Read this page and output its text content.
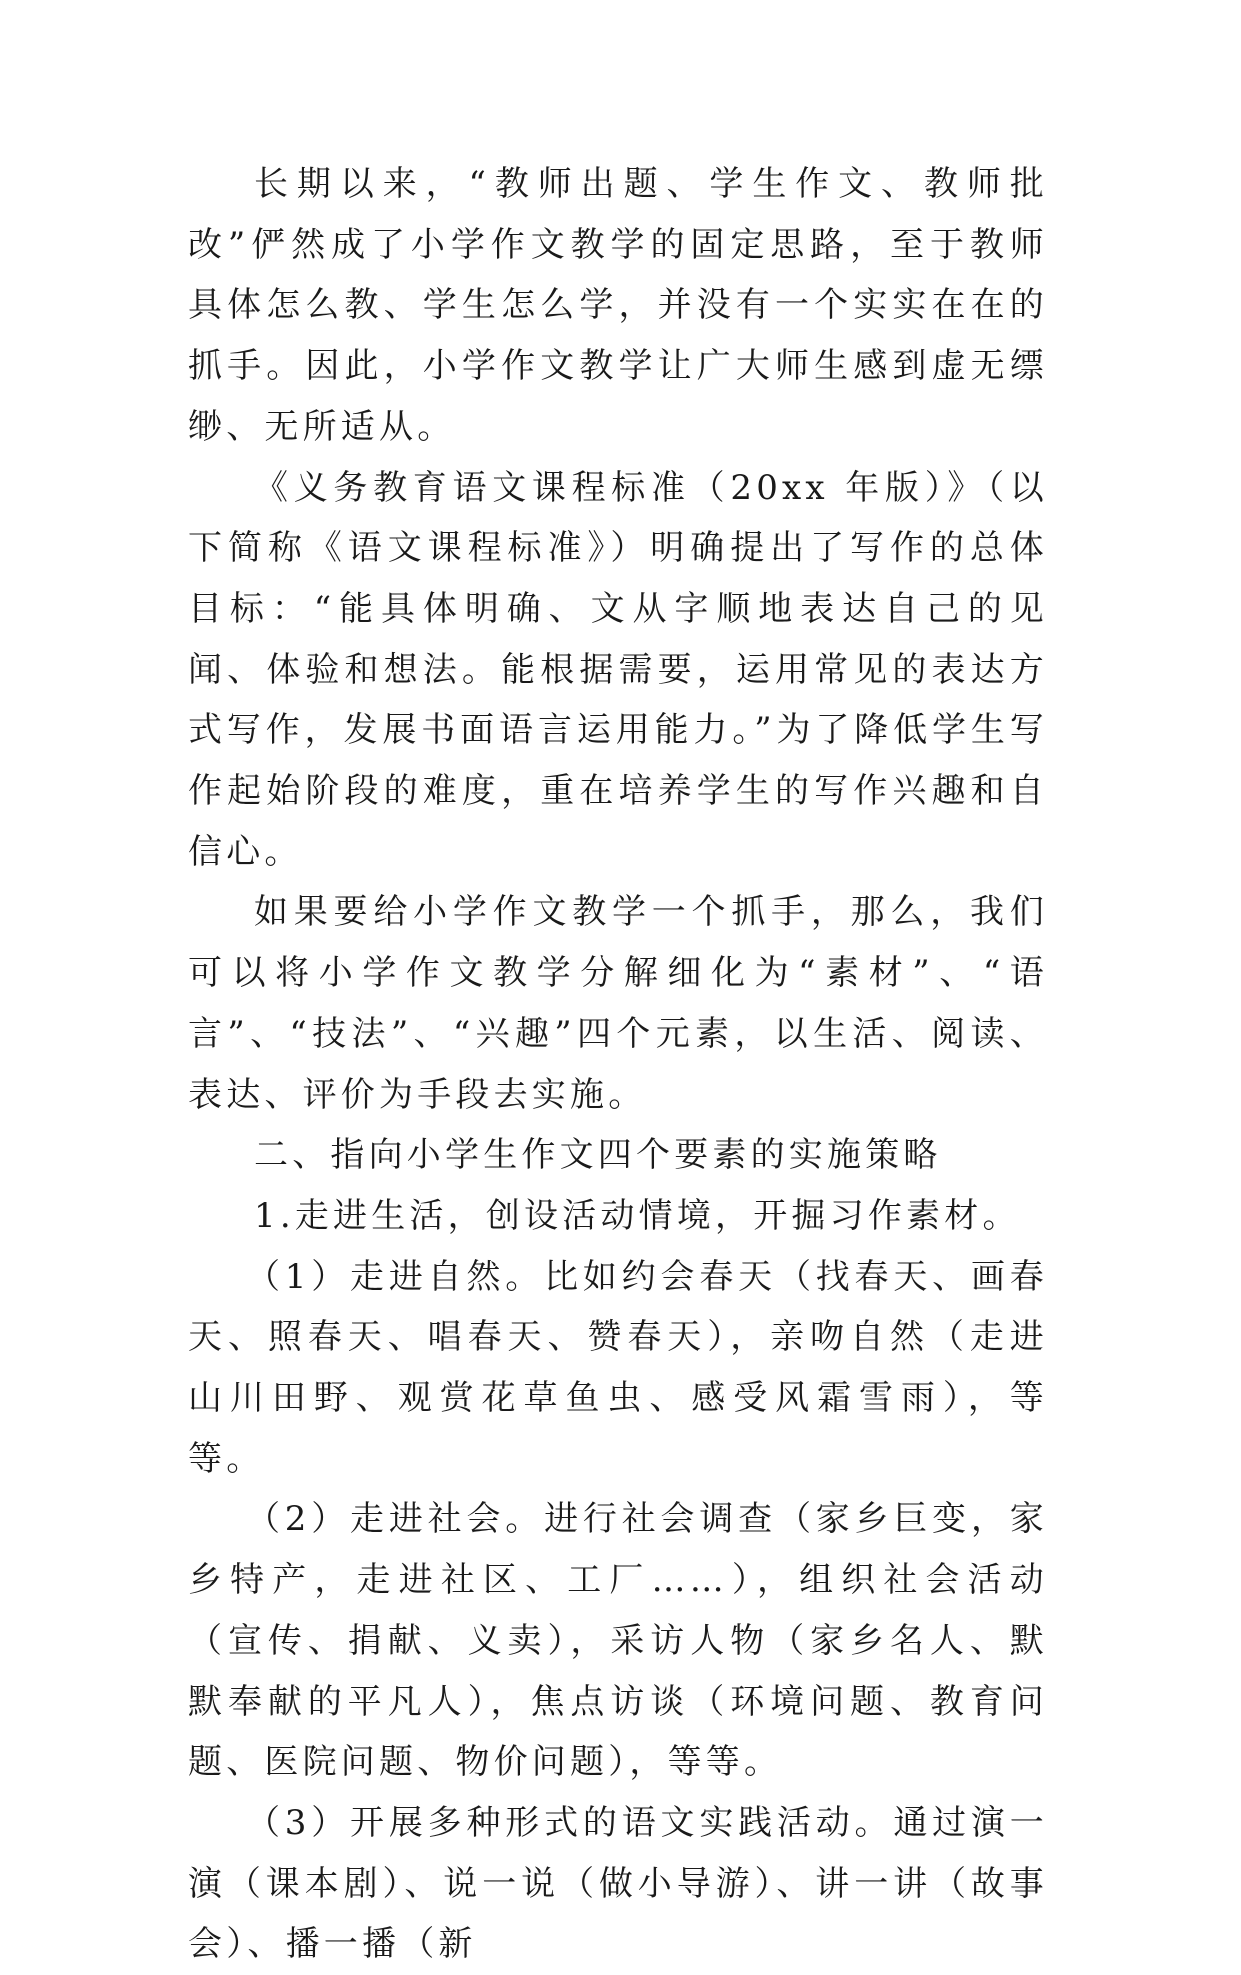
长期以来，“教师出题、学生作文、教师批改”俨然成了小学作文教学的固定思路，至于教师具体怎么教、学生怎么学，并没有一个实实在在的抓手。因此，小学作文教学让广大师生感到虚无缥缈、无所适从。

《义务教育语文课程标准（20xx 年版）》（以下简称《语文课程标准》）明确提出了写作的总体目标：“能具体明确、文从字顺地表达自己的见闻、体验和想法。能根据需要，运用常见的表达方式写作，发展书面语言运用能力。”为了降低学生写作起始阶段的难度，重在培养学生的写作兴趣和自信心。

如果要给小学作文教学一个抓手，那么，我们可以将小学作文教学分解细化为“素材”、“语言”、“技法”、“兴趣”四个元素，以生活、阅读、表达、评价为手段去实施。

二、指向小学生作文四个要素的实施策略

1.走进生活，创设活动情境，开掘习作素材。

（1）走进自然。比如约会春天（找春天、画春天、照春天、唱春天、赞春天），亲吻自然（走进山川田野、观赏花草鱼虫、感受风霜雪雨），等等。

（2）走进社会。进行社会调查（家乡巨变，家乡特产，走进社区、工厂……），组织社会活动（宣传、捐献、义卖），采访人物（家乡名人、默默奉献的平凡人），焦点访谈（环境问题、教育问题、医院问题、物价问题），等等。

（3）开展多种形式的语文实践活动。通过演一演（课本剧）、说一说（做小导游）、讲一讲（故事会）、播一播（新
